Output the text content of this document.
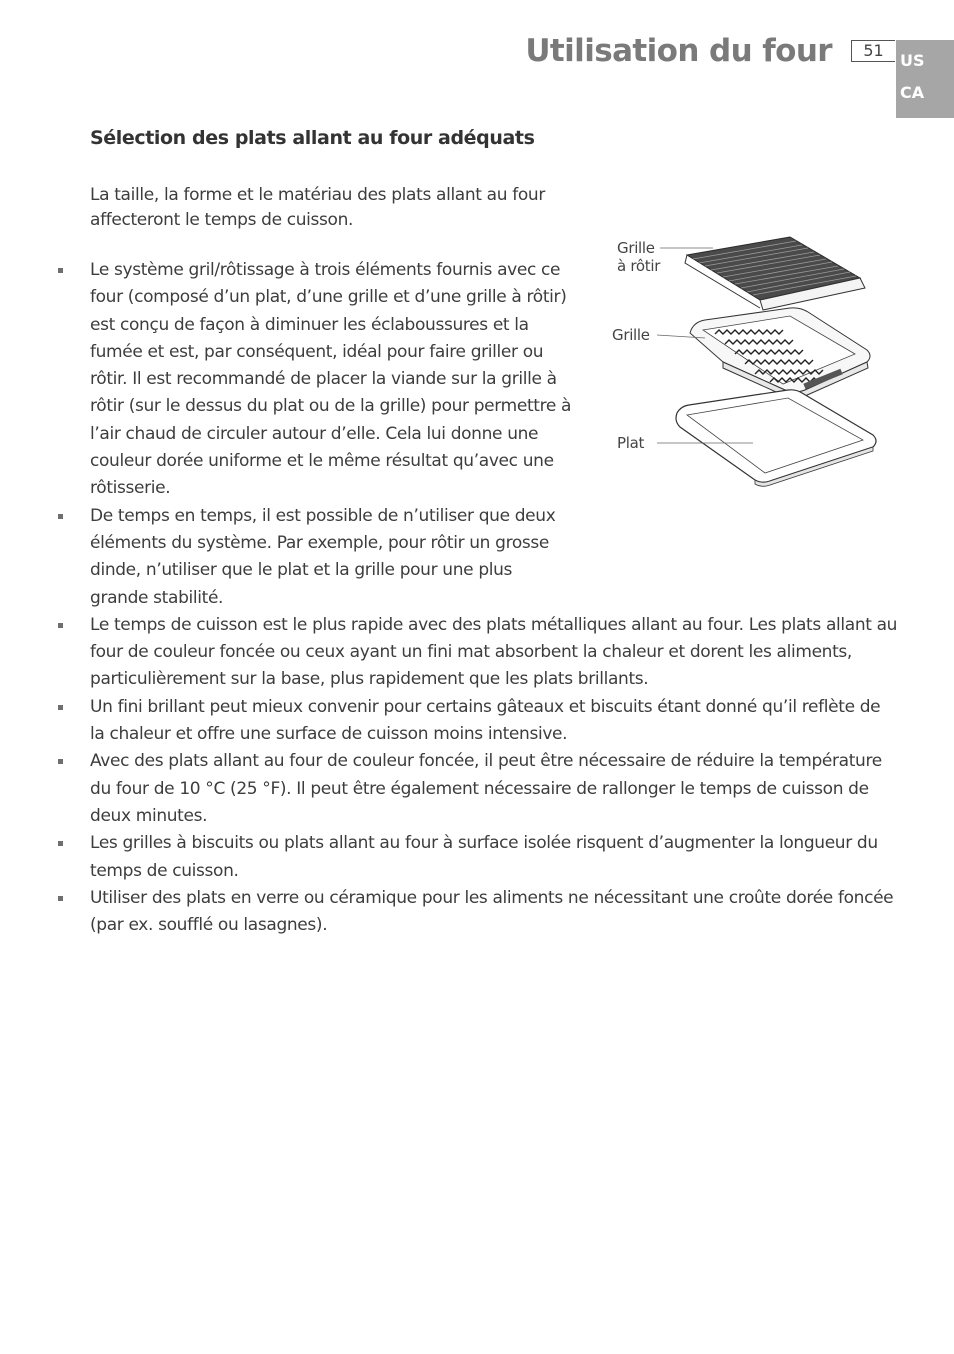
Utilisation du four	51
US CA
(FR)
Sélection des plats allant au four adéquats

La taille, la forme et le matériau des plats allant au four affecteront le temps de cuisson.

Le système gril/rôtissage à trois éléments fournis avec ce four (composé d’un plat, d’une grille et d’une grille à rôtir) est conçu de façon à diminuer les éclaboussures et la fumée et est, par conséquent, idéal pour faire griller ou rôtir. Il est recommandé de placer la viande sur la grille à rôtir (sur le dessus du plat ou de la grille) pour permettre à l’air chaud de circuler autour d’elle. Cela lui donne une couleur dorée uniforme et le même résultat qu’avec une rôtisserie.
De temps en temps, il est possible de n’utiliser que deux éléments du système. Par exemple, pour rôtir un grosse dinde, n’utiliser que le plat et la grille pour une plus grande stabilité.
Le temps de cuisson est le plus rapide avec des plats métalliques allant au four. Les plats allant au four de couleur foncée ou ceux ayant un fini mat absorbent la chaleur et dorent les aliments, particulièrement sur la base, plus rapidement que les plats brillants.
Un fini brillant peut mieux convenir pour certains gâteaux et biscuits étant donné qu’il reflète de la chaleur et offre une surface de cuisson moins intensive.
Avec des plats allant au four de couleur foncée, il peut être nécessaire de réduire la température du four de 10 °C (25 °F). Il peut être également nécessaire de rallonger le temps de cuisson de deux minutes.
Les grilles à biscuits ou plats allant au four à surface isolée risquent d’augmenter la longueur du temps de cuisson.
Utiliser des plats en verre ou céramique pour les aliments ne nécessitant une croûte dorée foncée (par ex. soufflé ou lasagnes).
Grille
à rôtir
Grille
Plat
